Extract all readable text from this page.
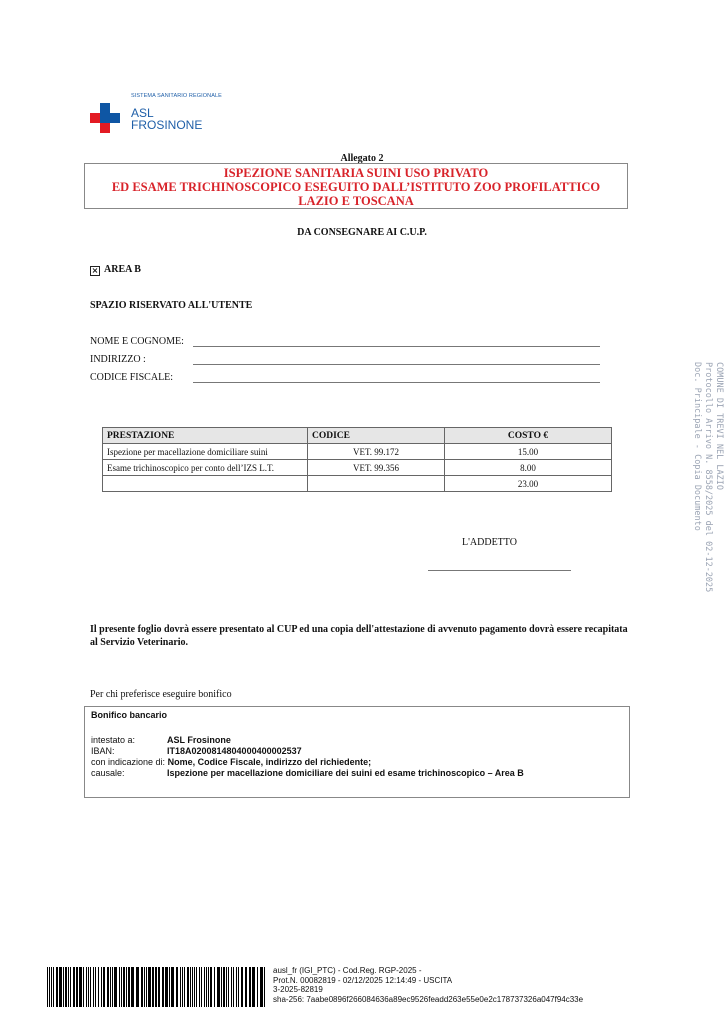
SISTEMA SANITARIO REGIONALE
ASL
FROSINONE
Allegato 2
ISPEZIONE SANITARIA SUINI USO PRIVATO
ED ESAME TRICHINOSCOPICO ESEGUITO DALL’ISTITUTO ZOO PROFILATTICO
LAZIO E TOSCANA
DA CONSEGNARE AI C.U.P.
× AREA B
SPAZIO RISERVATO ALL'UTENTE
NOME E COGNOME:
INDIRIZZO :
CODICE FISCALE:
PRESTAZIONE	CODICE	COSTO €
Ispezione per macellazione domiciliare suini	VET. 99.172	15.00
Esame trichinoscopico per conto dell’IZS L.T.	VET. 99.356	8.00
		23.00
L'ADDETTO
Il presente foglio dovrà essere presentato al CUP ed una copia dell'attestazione di avvenuto pagamento dovrà essere recapitata al Servizio Veterinario.
Per chi preferisce eseguire bonifico
Bonifico bancario
intestato a:	ASL Frosinone
IBAN:	IT18A0200814804000400002537
con indicazione di: Nome, Codice Fiscale, indirizzo del richiedente;
causale:	Ispezione per macellazione domiciliare dei suini ed esame trichinoscopico – Area B
COMUNE DI TREVI NEL LAZIO
Protocollo Arrivo N. 8558/2025 del 02-12-2025
Doc. Principale - Copia Documento
ausl_fr (IGI_PTC) - Cod.Reg. RGP-2025 -
Prot.N. 00082819 - 02/12/2025 12:14:49 - USCITA
3-2025-82819
sha-256: 7aabe0896f266084636a89ec9526feadd263e55e0e2c178737326a047f94c33e
